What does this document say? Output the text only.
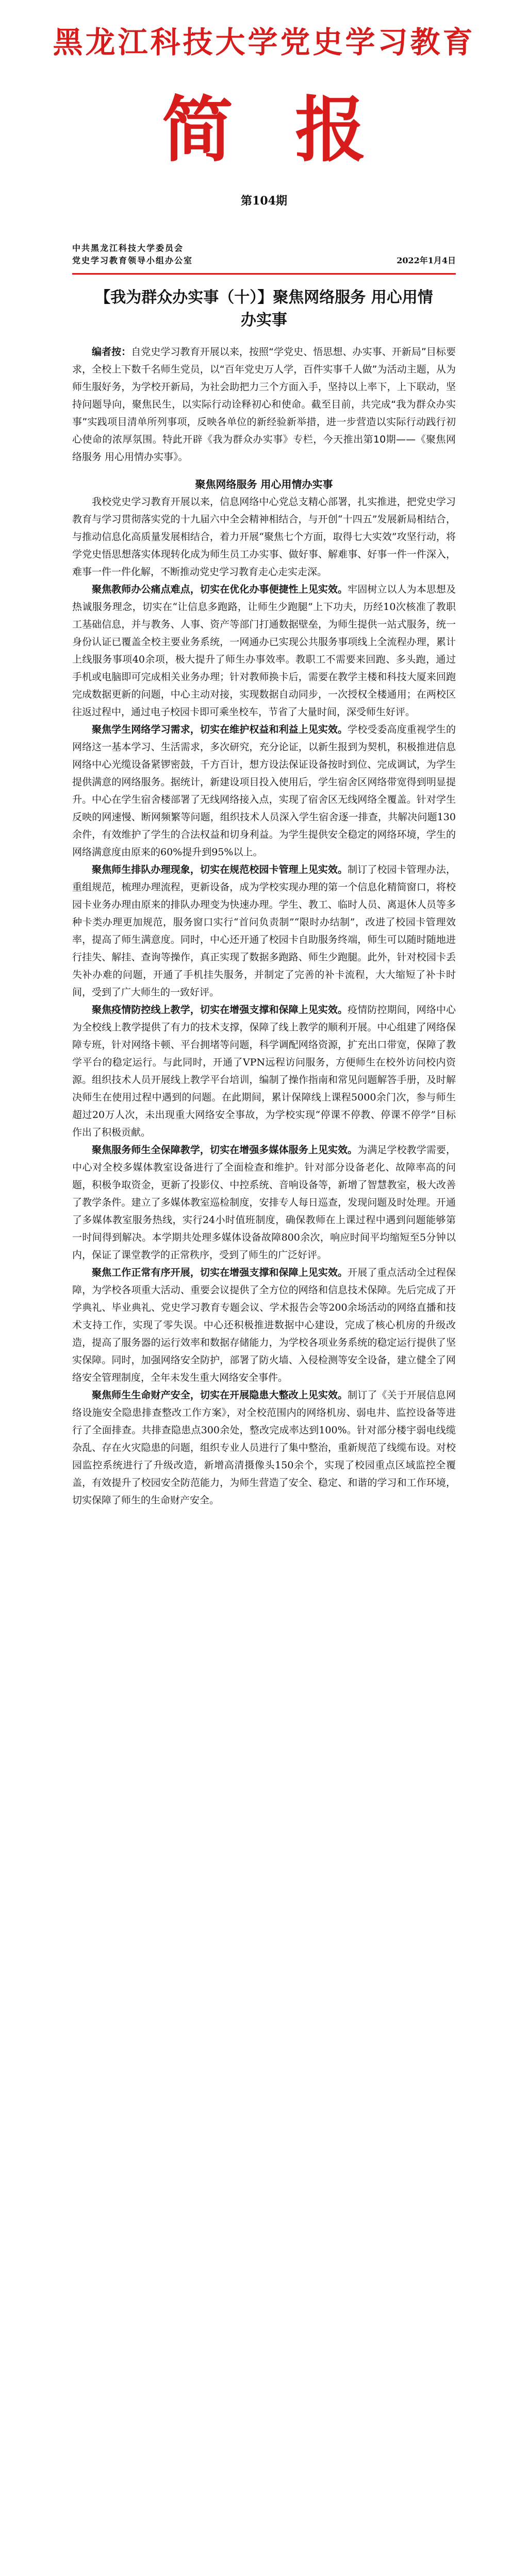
黑龙江科技大学党史学习教育
简报
第104期
中共黑龙江科技大学委员会
党史学习教育领导小组办公室	2022年1月4日
【我为群众办实事（十）】聚焦网络服务 用心用情办实事

编者按：自党史学习教育开展以来，按照“学党史、悟思想、办实事、开新局”目标要求，全校上下数千名师生党员，以“百年党史万人学，百件实事千人做”为活动主题，从为师生服好务，为学校开新局，为社会助把力三个方面入手，坚持以上率下，上下联动，坚持问题导向，聚焦民生，以实际行动诠释初心和使命。截至目前，共完成“我为群众办实事”实践项目清单所列事项，反映各单位的新经验新举措，进一步营造以实际行动践行初心使命的浓厚氛围。特此开辟《我为群众办实事》专栏，今天推出第10期——《聚焦网络服务 用心用情办实事》。

聚焦网络服务 用心用情办实事

我校党史学习教育开展以来，信息网络中心党总支精心部署，扎实推进，把党史学习教育与学习贯彻落实党的十九届六中全会精神相结合，与开创“十四五”发展新局相结合，与推动信息化高质量发展相结合，着力开展“聚焦七个方面，取得七大实效”攻坚行动，将学党史悟思想落实体现转化成为师生员工办实事、做好事、解难事、好事一件一件深入，难事一件一件化解，不断推动党史学习教育走心走实走深。

聚焦教师办公痛点难点，切实在优化办事便捷性上见实效。牢固树立以人为本思想及热诚服务理念，切实在“让信息多跑路，让师生少跑腿”上下功夫，历经10次核准了教职工基础信息，并与教务、人事、资产等部门打通数据壁垒，为师生提供一站式服务，统一身份认证已覆盖全校主要业务系统，一网通办已实现公共服务事项线上全流程办理，累计上线服务事项40余项，极大提升了师生办事效率。教职工不需要来回跑、多头跑，通过手机或电脑即可完成相关业务办理；针对教师换卡后，需要在教学主楼和科技大厦来回跑完成数据更新的问题，中心主动对接，实现数据自动同步，一次授权全楼通用；在两校区往返过程中，通过电子校园卡即可乘坐校车，节省了大量时间，深受师生好评。

聚焦学生网络学习需求，切实在维护权益和利益上见实效。学校受委高度重视学生的网络这一基本学习、生活需求，多次研究，充分论证，以新生报到为契机，积极推进信息网络中心光缆设备紧锣密鼓，千方百计，想方设法保证设备按时到位、完成调试，为学生提供满意的网络服务。据统计，新建设项目投入使用后，学生宿舍区网络带宽得到明显提升。中心在学生宿舍楼部署了无线网络接入点，实现了宿舍区无线网络全覆盖。针对学生反映的网速慢、断网频繁等问题，组织技术人员深入学生宿舍逐一排查，共解决问题130余件，有效维护了学生的合法权益和切身利益。为学生提供安全稳定的网络环境，学生的网络满意度由原来的60%提升到95%以上。

聚焦师生排队办理现象，切实在规范校园卡管理上见实效。制订了校园卡管理办法，重组规范，梳理办理流程，更新设备，成为学校实现办理的第一个信息化精简窗口，将校园卡业务办理由原来的排队办理变为快速办理。学生、教工、临时人员、离退休人员等多种卡类办理更加规范，服务窗口实行“首问负责制”“限时办结制”，改进了校园卡管理效率，提高了师生满意度。同时，中心还开通了校园卡自助服务终端，师生可以随时随地进行挂失、解挂、查询等操作，真正实现了数据多跑路、师生少跑腿。此外，针对校园卡丢失补办难的问题，开通了手机挂失服务，并制定了完善的补卡流程，大大缩短了补卡时间，受到了广大师生的一致好评。

聚焦疫情防控线上教学，切实在增强支撑和保障上见实效。疫情防控期间，网络中心为全校线上教学提供了有力的技术支撑，保障了线上教学的顺利开展。中心组建了网络保障专班，针对网络卡顿、平台拥堵等问题，科学调配网络资源，扩充出口带宽，保障了教学平台的稳定运行。与此同时，开通了VPN远程访问服务，方便师生在校外访问校内资源。组织技术人员开展线上教学平台培训，编制了操作指南和常见问题解答手册，及时解决师生在使用过程中遇到的问题。在此期间，累计保障线上课程5000余门次，参与师生超过20万人次，未出现重大网络安全事故，为学校实现“停课不停教、停课不停学”目标作出了积极贡献。

聚焦服务师生全保障教学，切实在增强多媒体服务上见实效。为满足学校教学需要，中心对全校多媒体教室设备进行了全面检查和维护。针对部分设备老化、故障率高的问题，积极争取资金，更新了投影仪、中控系统、音响设备等，新增了智慧教室，极大改善了教学条件。建立了多媒体教室巡检制度，安排专人每日巡查，发现问题及时处理。开通了多媒体教室服务热线，实行24小时值班制度，确保教师在上课过程中遇到问题能够第一时间得到解决。本学期共处理多媒体设备故障800余次，响应时间平均缩短至5分钟以内，保证了课堂教学的正常秩序，受到了师生的广泛好评。

聚焦工作正常有序开展，切实在增强支撑和保障上见实效。开展了重点活动全过程保障，为学校各项重大活动、重要会议提供了全方位的网络和信息技术保障。先后完成了开学典礼、毕业典礼、党史学习教育专题会议、学术报告会等200余场活动的网络直播和技术支持工作，实现了零失误。中心还积极推进数据中心建设，完成了核心机房的升级改造，提高了服务器的运行效率和数据存储能力，为学校各项业务系统的稳定运行提供了坚实保障。同时，加强网络安全防护，部署了防火墙、入侵检测等安全设备，建立健全了网络安全管理制度，全年未发生重大网络安全事件。

聚焦师生生命财产安全，切实在开展隐患大整改上见实效。制订了《关于开展信息网络设施安全隐患排查整改工作方案》，对全校范围内的网络机房、弱电井、监控设备等进行了全面排查。共排查隐患点300余处，整改完成率达到100%。针对部分楼宇弱电线缆杂乱、存在火灾隐患的问题，组织专业人员进行了集中整治，重新规范了线缆布设。对校园监控系统进行了升级改造，新增高清摄像头150余个，实现了校园重点区域监控全覆盖，有效提升了校园安全防范能力，为师生营造了安全、稳定、和谐的学习和工作环境，切实保障了师生的生命财产安全。
